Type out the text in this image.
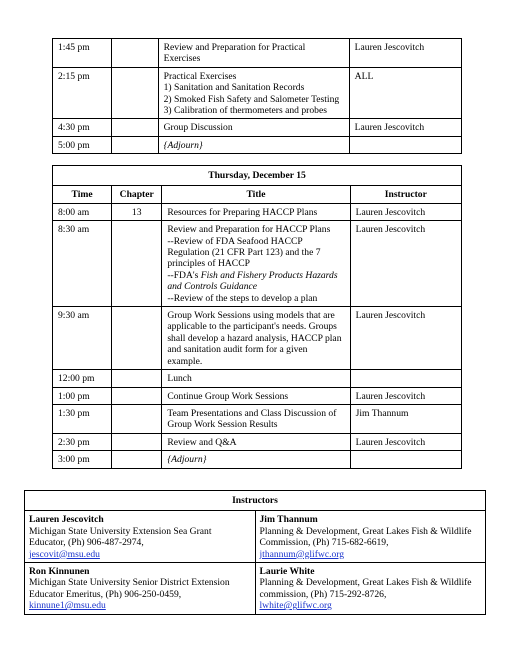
1:45 pm		Review and Preparation for Practical Exercises	Lauren Jescovitch
2:15 pm		Practical Exercises
1) Sanitation and Sanitation Records
2) Smoked Fish Safety and Salometer Testing
3) Calibration of thermometers and probes	ALL
4:30 pm		Group Discussion	Lauren Jescovitch
5:00 pm		{Adjourn}	
Thursday, December 15			
Time	Chapter	Title	Instructor
8:00 am	13	Resources for Preparing HACCP Plans	Lauren Jescovitch
8:30 am		Review and Preparation for HACCP Plans
--Review of FDA Seafood HACCP Regulation (21 CFR Part 123) and the 7 principles of HACCP
--FDA's Fish and Fishery Products Hazards and Controls Guidance
--Review of the steps to develop a plan	Lauren Jescovitch
9:30 am		Group Work Sessions using models that are applicable to the participant's needs. Groups shall develop a hazard analysis, HACCP plan and sanitation audit form for a given example.	Lauren Jescovitch
12:00 pm		Lunch	
1:00 pm		Continue Group Work Sessions	Lauren Jescovitch
1:30 pm		Team Presentations and Class Discussion of Group Work Session Results	Jim Thannum
2:30 pm		Review and Q&A	Lauren Jescovitch
3:00 pm		{Adjourn}	
Instructors	

Lauren Jescovitch
Michigan State University Extension Sea Grant Educator, (Ph) 906-487-2974,
jescovit@msu.edu	Jim Thannum
Planning & Development, Great Lakes Fish & Wildlife Commission, (Ph) 715-682-6619,
jthannum@glifwc.org

Ron Kinnunen
Michigan State University Senior District Extension Educator Emeritus, (Ph) 906-250-0459,
kinnune1@msu.edu	Laurie White
Planning & Development, Great Lakes Fish & Wildlife commission, (Ph) 715-292-8726,
lwhite@glifwc.org
